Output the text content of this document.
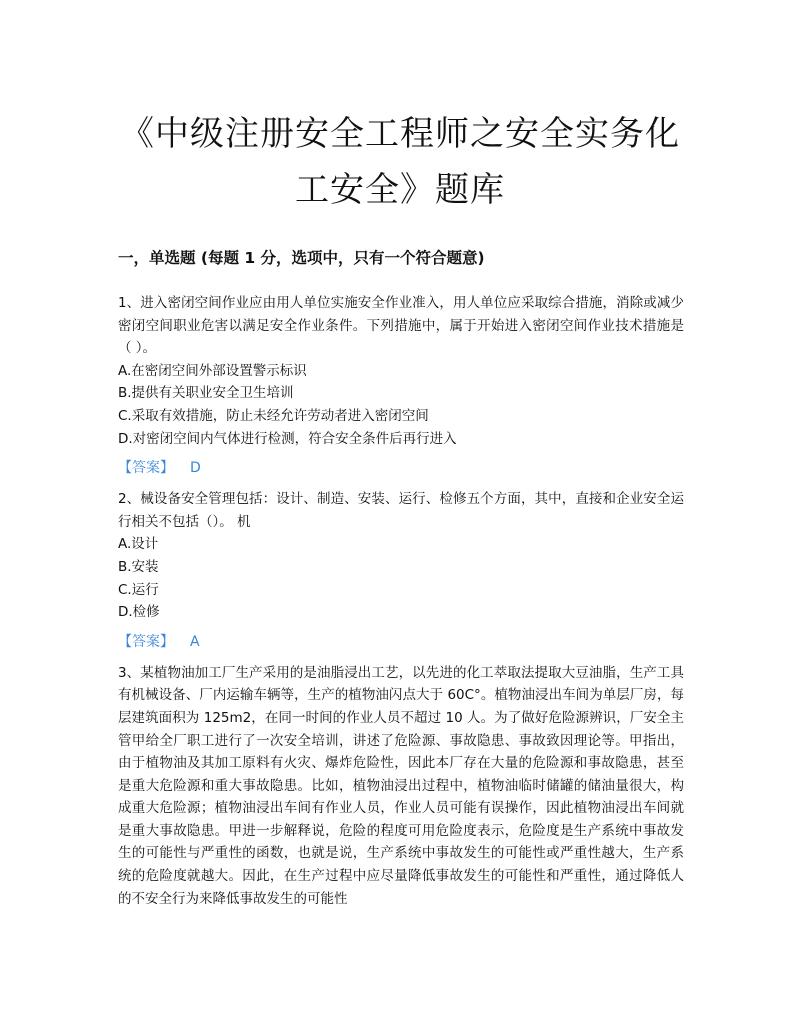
《中级注册安全工程师之安全实务化工安全》题库
一，单选题 (每题 1 分，选项中，只有一个符合题意)

1、进入密闭空间作业应由用人单位实施安全作业准入，用人单位应采取综合措施，消除或减少密闭空间职业危害以满足安全作业条件。下列措施中，属于开始进入密闭空间作业技术措施是（ ）。

A.在密闭空间外部设置警示标识

B.提供有关职业安全卫生培训

C.采取有效措施，防止未经允许劳动者进入密闭空间

D.对密闭空间内气体进行检测，符合安全条件后再行进入

【答案】 D

2、械设备安全管理包括：设计、制造、安装、运行、检修五个方面，其中，直接和企业安全运行相关不包括（）。 机

A.设计

B.安装

C.运行

D.检修

【答案】 A

3、某植物油加工厂生产采用的是油脂浸出工艺，以先进的化工萃取法提取大豆油脂，生产工具有机械设备、厂内运输车辆等，生产的植物油闪点大于 60C°。植物油浸出车间为单层厂房，每层建筑面积为 125m2，在同一时间的作业人员不超过 10 人。为了做好危险源辨识，厂安全主管甲给全厂职工进行了一次安全培训，讲述了危险源、事故隐患、事故致因理论等。甲指出，由于植物油及其加工原料有火灾、爆炸危险性，因此本厂存在大量的危险源和事故隐患，甚至是重大危险源和重大事故隐患。比如，植物油浸出过程中，植物油临时储罐的储油量很大，构成重大危险源；植物油浸出车间有作业人员，作业人员可能有误操作，因此植物油浸出车间就是重大事故隐患。甲进一步解释说，危险的程度可用危险度表示，危险度是生产系统中事故发生的可能性与严重性的函数，也就是说，生产系统中事故发生的可能性或严重性越大，生产系统的危险度就越大。因此，在生产过程中应尽量降低事故发生的可能性和严重性，通过降低人的不安全行为来降低事故发生的可能性
